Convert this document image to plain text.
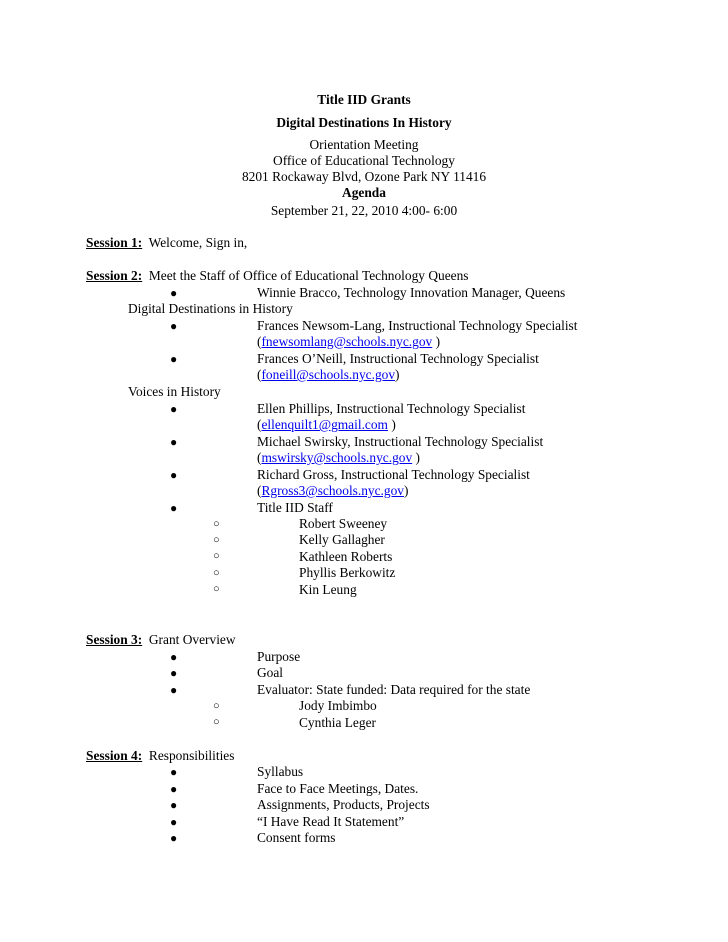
Title IID Grants
Digital Destinations In History
Orientation Meeting
Office of Educational Technology
8201 Rockaway Blvd, Ozone Park NY 11416
Agenda
September 21, 22, 2010 4:00- 6:00
Session 1: Welcome, Sign in,
Session 2: Meet the Staff of Office of Educational Technology Queens
●	Winnie Bracco, Technology Innovation Manager, Queens
Digital Destinations in History
●	Frances Newsom-Lang, Instructional Technology Specialist
(fnewsomlang@schools.nyc.gov )
●	Frances O’Neill, Instructional Technology Specialist
(foneill@schools.nyc.gov)
Voices in History
●	Ellen Phillips, Instructional Technology Specialist
(ellenquilt1@gmail.com )
●	Michael Swirsky, Instructional Technology Specialist
(mswirsky@schools.nyc.gov )
●	Richard Gross, Instructional Technology Specialist
(Rgross3@schools.nyc.gov)
●	Title IID Staff
○	Robert Sweeney
○	Kelly Gallagher
○	Kathleen Roberts
○	Phyllis Berkowitz
○	Kin Leung
Session 3: Grant Overview
●	Purpose
●	Goal
●	Evaluator: State funded: Data required for the state
○	Jody Imbimbo
○	Cynthia Leger
Session 4: Responsibilities
●	Syllabus
●	Face to Face Meetings, Dates.
●	Assignments, Products, Projects
●	“I Have Read It Statement”
●	Consent forms
